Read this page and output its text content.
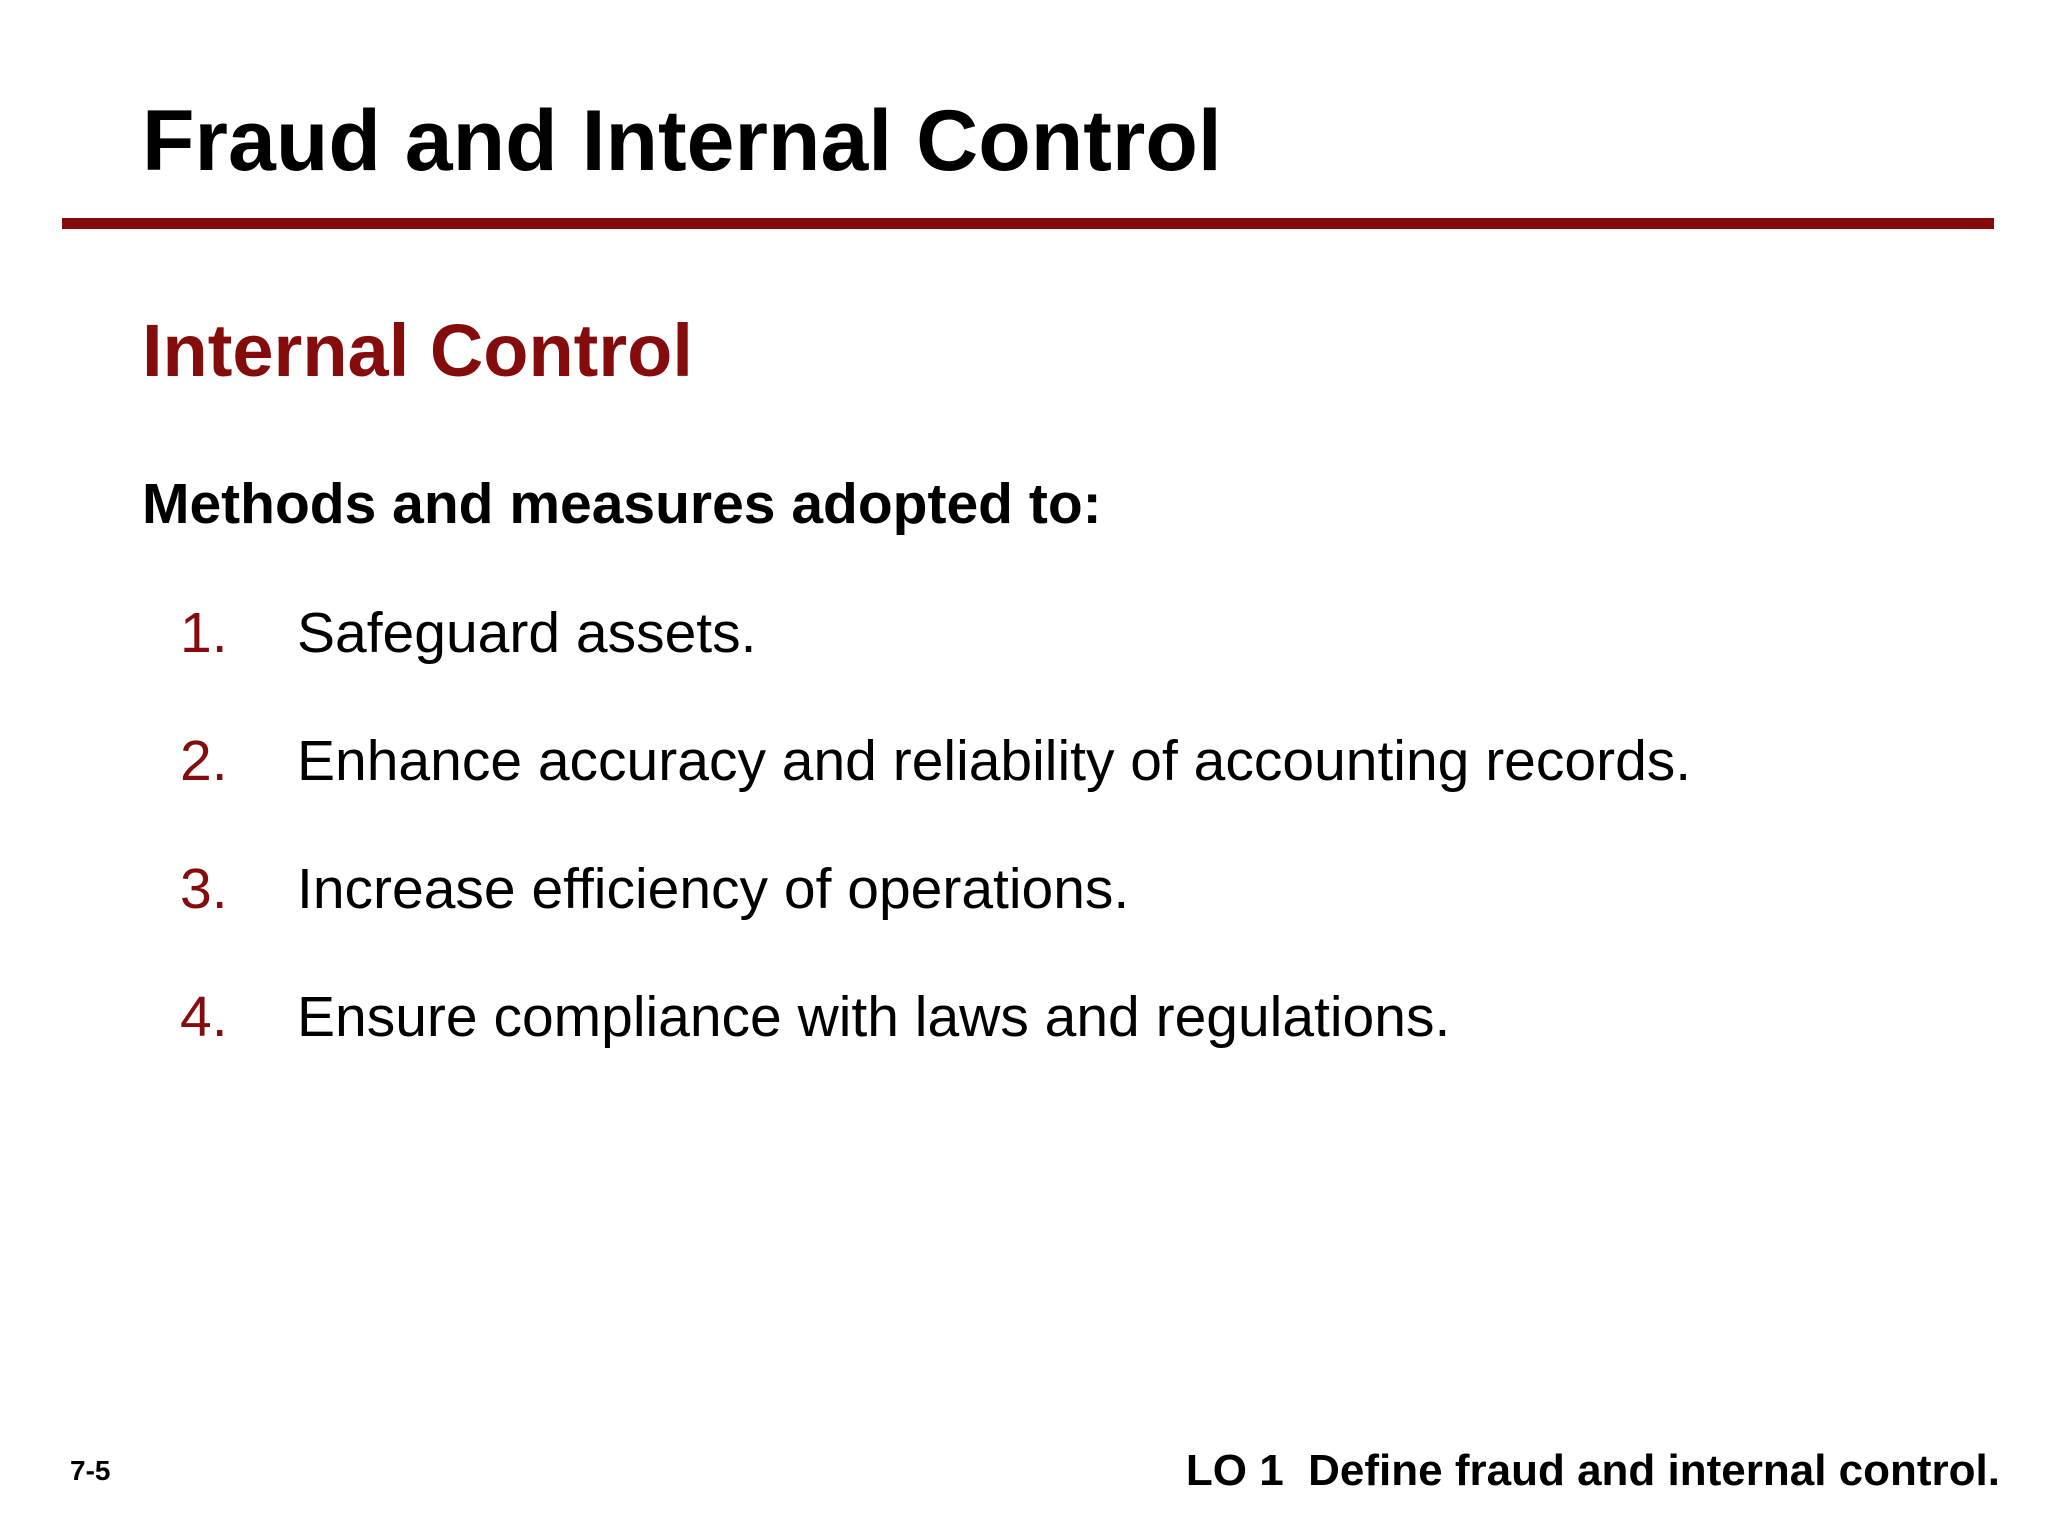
Fraud and Internal Control
Internal Control

Methods and measures adopted to:

1. Safeguard assets.
2. Enhance accuracy and reliability of accounting records.
3. Increase efficiency of operations.
4. Ensure compliance with laws and regulations.
7-5	LO 1  Define fraud and internal control.
